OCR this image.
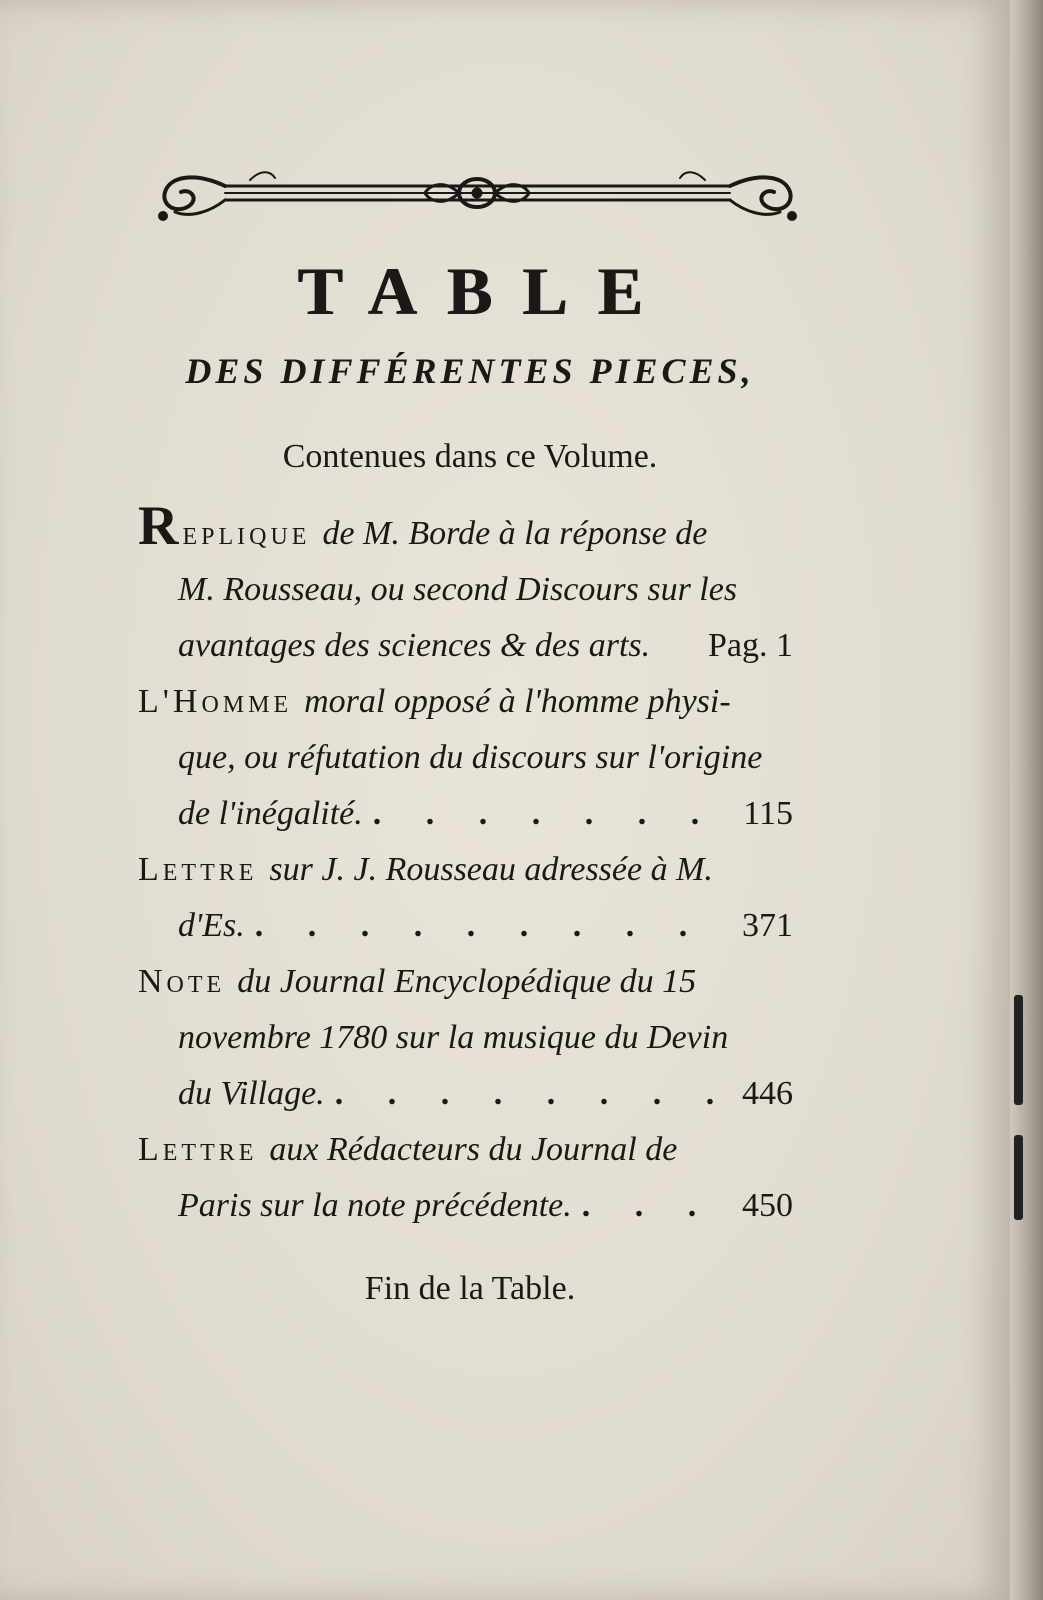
TABLE
DES DIFFÉRENTES PIECES,
Contenues dans ce Volume.
Replique de M. Borde à la réponse de
M. Rousseau, ou second Discours sur les
avantages des sciences & des arts. Pag. 1
L'Homme moral opposé à l'homme physi-
que, ou réfutation du discours sur l'origine
de l'inégalité. . . .	115
Lettre sur J. J. Rousseau adressée à M.
d'Es. . . .	371
Note du Journal Encyclopédique du 15
novembre 1780 sur la musique du Devin
du Village. . . .	446
Lettre aux Rédacteurs du Journal de
Paris sur la note précédente. . . .	450
Fin de la Table.
